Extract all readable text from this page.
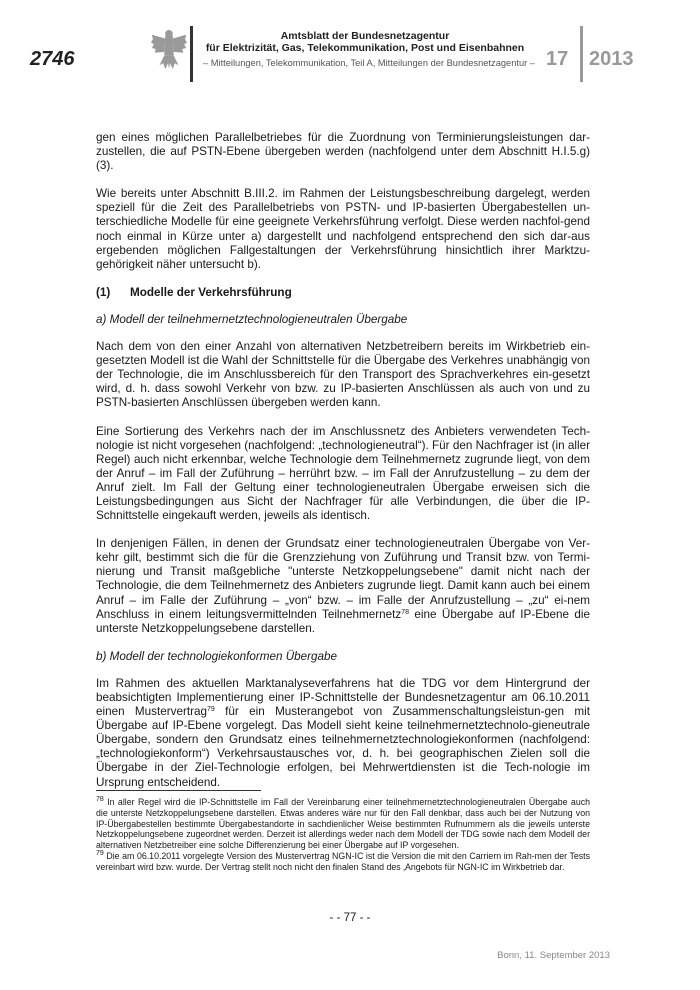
2746
Amtsblatt der Bundesnetzagentur
für Elektrizität, Gas, Telekommunikation, Post und Eisenbahnen
– Mitteilungen, Telekommunikation, Teil A, Mitteilungen der Bundesnetzagentur – 17 2013

gen eines möglichen Parallelbetriebes für die Zuordnung von Terminierungsleistungen dar-zustellen, die auf PSTN-Ebene übergeben werden (nachfolgend unter dem Abschnitt H.I.5.g) (3).

Wie bereits unter Abschnitt B.III.2. im Rahmen der Leistungsbeschreibung dargelegt, werden speziell für die Zeit des Parallelbetriebs von PSTN- und IP-basierten Übergabestellen un-terschiedliche Modelle für eine geeignete Verkehrsführung verfolgt. Diese werden nachfol-gend noch einmal in Kürze unter a) dargestellt und nachfolgend entsprechend den sich dar-aus ergebenden möglichen Fallgestaltungen der Verkehrsführung hinsichtlich ihrer Marktzu-gehörigkeit näher untersucht b).

(1) Modelle der Verkehrsführung
a) Modell der teilnehmernetztechnologieneutralen Übergabe

Nach dem von den einer Anzahl von alternativen Netzbetreibern bereits im Wirkbetrieb ein-gesetzten Modell ist die Wahl der Schnittstelle für die Übergabe des Verkehres unabhängig von der Technologie, die im Anschlussbereich für den Transport des Sprachverkehres ein-gesetzt wird, d. h. dass sowohl Verkehr von bzw. zu IP-basierten Anschlüssen als auch von und zu PSTN-basierten Anschlüssen übergeben werden kann.

Eine Sortierung des Verkehrs nach der im Anschlussnetz des Anbieters verwendeten Tech-nologie ist nicht vorgesehen (nachfolgend: „technologieneutral“). Für den Nachfrager ist (in aller Regel) auch nicht erkennbar, welche Technologie dem Teilnehmernetz zugrunde liegt, von dem der Anruf – im Fall der Zuführung – herrührt bzw. – im Fall der Anrufzustellung – zu dem der Anruf zielt. Im Fall der Geltung einer technologieneutralen Übergabe erweisen sich die Leistungsbedingungen aus Sicht der Nachfrager für alle Verbindungen, die über die IP-Schnittstelle eingekauft werden, jeweils als identisch.

In denjenigen Fällen, in denen der Grundsatz einer technologieneutralen Übergabe von Ver-kehr gilt, bestimmt sich die für die Grenzziehung von Zuführung und Transit bzw. von Termi-nierung und Transit maßgebliche "unterste Netzkoppelungsebene" damit nicht nach der Technologie, die dem Teilnehmernetz des Anbieters zugrunde liegt. Damit kann auch bei einem Anruf – im Falle der Zuführung – „von“ bzw. – im Falle der Anrufzustellung – „zu“ ei-nem Anschluss in einem leitungsvermittelnden Teilnehmernetz$^{78}$ eine Übergabe auf IP-Ebene die unterste Netzkoppelungsebene darstellen.

b) Modell der technologiekonformen Übergabe

Im Rahmen des aktuellen Marktanalyseverfahrens hat die TDG vor dem Hintergrund der beabsichtigten Implementierung einer IP-Schnittstelle der Bundesnetzagentur am 06.10.2011 einen Mustervertrag$^{79}$ für ein Musterangebot von Zusammenschaltungsleistun-gen mit Übergabe auf IP-Ebene vorgelegt. Das Modell sieht keine teilnehmernetztechnolo-gieneutrale Übergabe, sondern den Grundsatz eines teilnehmernetztechnologiekonformen (nachfolgend: „technologiekonform“) Verkehrsaustausches vor, d. h. bei geographischen Zielen soll die Übergabe in der Ziel-Technologie erfolgen, bei Mehrwertdiensten ist die Tech-nologie im Ursprung entscheidend.

$^{78}$ In aller Regel wird die IP-Schnittstelle im Fall der Vereinbarung einer teilnehmernetztechnologieneutralen Übergabe auch die unterste Netzkoppelungsebene darstellen. Etwas anderes wäre nur für den Fall denkbar, dass auch bei der Nutzung von IP-Übergabestellen bestimmte Übergabestandorte in sachdienlicher Weise bestimmten Rufnummern als die jeweils unterste Netzkoppelungsebene zugeordnet werden. Derzeit ist allerdings weder nach dem Modell der TDG sowie nach dem Modell der alternativen Netzbetreiber eine solche Differenzierung bei einer Übergabe auf IP vorgesehen.

$^{79}$ Die am 06.10.2011 vorgelegte Version des Mustervertrag NGN-IC ist die Version die mit den Carriern im Rah-men der Tests vereinbart wird bzw. wurde. Der Vertrag stellt noch nicht den finalen Stand des ‚Angebots für NGN-IC im Wirkbetrieb dar.

- - 77 - -
Bonn, 11. September 2013
